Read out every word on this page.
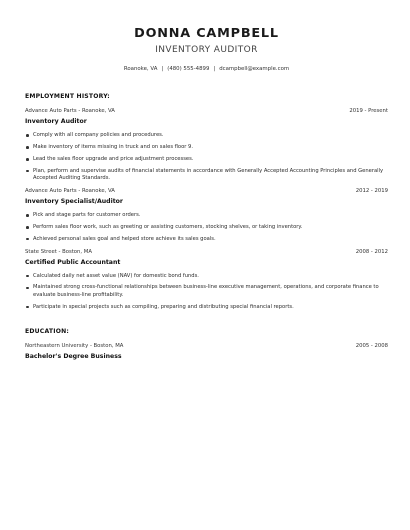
DONNA CAMPBELL
INVENTORY AUDITOR
Roanoke, VA | (480) 555-4899 | dcampbell@example.com
EMPLOYMENT HISTORY:
Advance Auto Parts - Roanoke, VA	2019 - Present
Inventory Auditor
Comply with all company policies and procedures.
Make inventory of items missing in truck and on sales floor 9.
Lead the sales floor upgrade and price adjustment processes.
Plan, perform and supervise audits of financial statements in accordance with Generally Accepted Accounting Principles and Generally Accepted Auditing Standards.
Advance Auto Parts - Roanoke, VA	2012 - 2019
Inventory Specialist/Auditor
Pick and stage parts for customer orders.
Perform sales floor work, such as greeting or assisting customers, stocking shelves, or taking inventory.
Achieved personal sales goal and helped store achieve its sales goals.
State Street - Boston, MA	2008 - 2012
Certified Public Accountant
Calculated daily net asset value (NAV) for domestic bond funds.
Maintained strong cross-functional relationships between business-line executive management, operations, and corporate finance to evaluate business-line profitability.
Participate in special projects such as compiling, preparing and distributing special financial reports.
EDUCATION:
Northeastern University - Boston, MA	2005 - 2008
Bachelor's Degree Business
